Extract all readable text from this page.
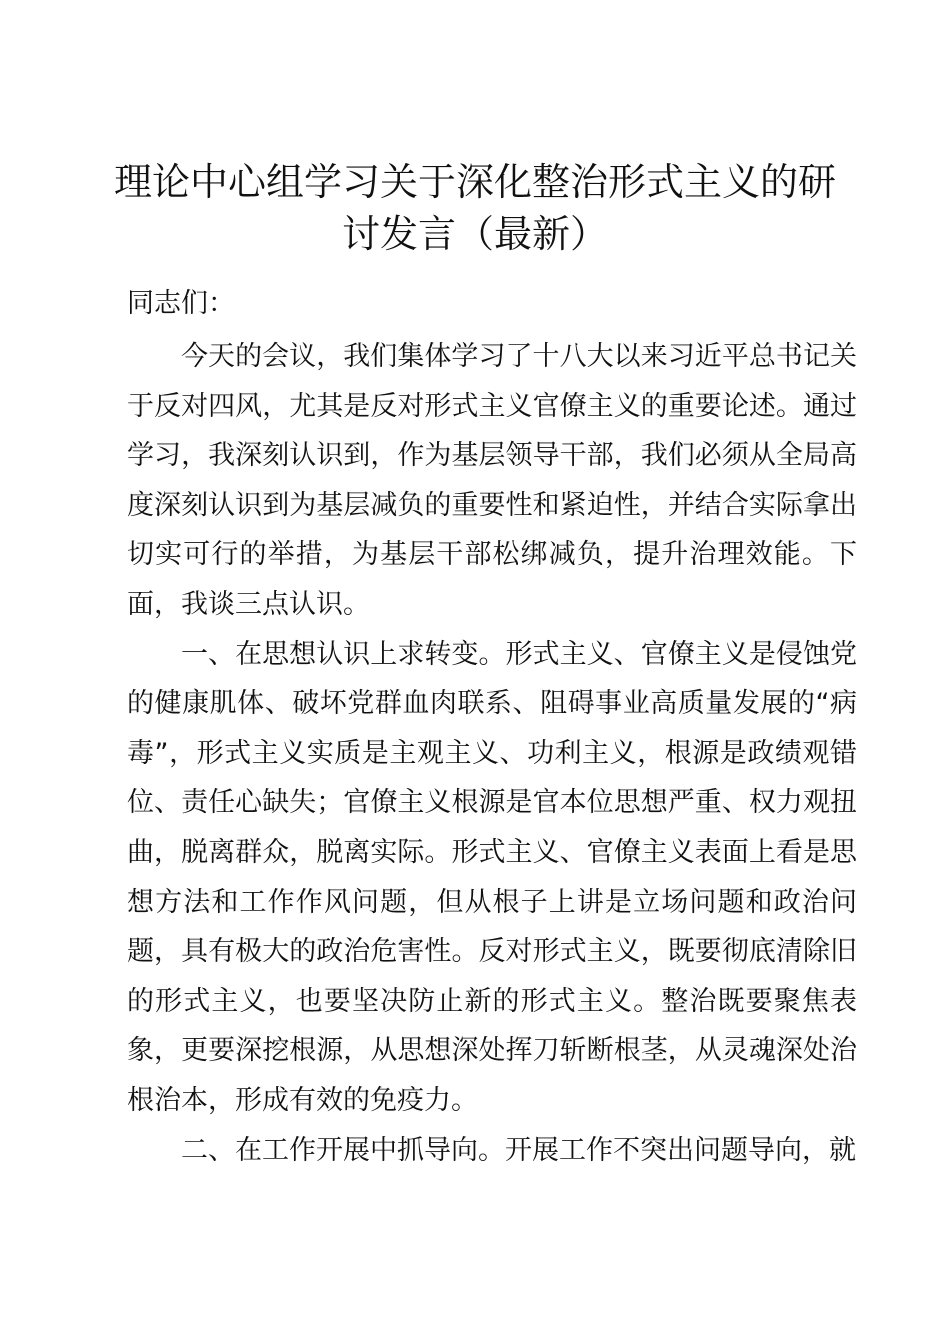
理论中心组学习关于深化整治形式主义的研讨发言（最新）

同志们：

今天的会议，我们集体学习了十八大以来习近平总书记关于反对四风，尤其是反对形式主义官僚主义的重要论述。通过学习，我深刻认识到，作为基层领导干部，我们必须从全局高度深刻认识到为基层减负的重要性和紧迫性，并结合实际拿出切实可行的举措，为基层干部松绑减负，提升治理效能。下面，我谈三点认识。

一、在思想认识上求转变。形式主义、官僚主义是侵蚀党的健康肌体、破坏党群血肉联系、阻碍事业高质量发展的“病毒”，形式主义实质是主观主义、功利主义，根源是政绩观错位、责任心缺失；官僚主义根源是官本位思想严重、权力观扭曲，脱离群众，脱离实际。形式主义、官僚主义表面上看是思想方法和工作作风问题，但从根子上讲是立场问题和政治问题，具有极大的政治危害性。反对形式主义，既要彻底清除旧的形式主义，也要坚决防止新的形式主义。整治既要聚焦表象，更要深挖根源，从思想深处挥刀斩断根茎，从灵魂深处治根治本，形成有效的免疫力。

二、在工作开展中抓导向。开展工作不突出问题导向，就
